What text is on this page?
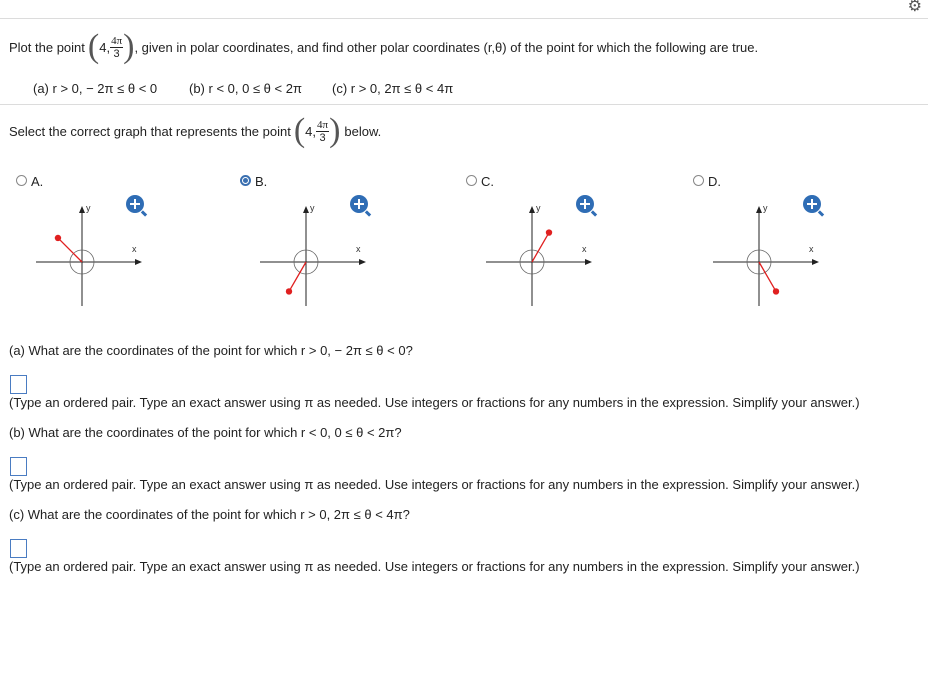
⚙
Plot the point ( 4, $\frac{4\pi}{3}$ ) , given in polar coordinates, and find other polar coordinates (r,θ) of the point for which the following are true.
(a) r > 0, − 2π ≤ θ < 0 (b) r < 0, 0 ≤ θ < 2π (c) r > 0, 2π ≤ θ < 4π
Select the correct graph that represents the point ( 4, $\frac{4\pi}{3}$ ) below.
A.
y
x
B.
y
x
C.
y
x
D.
y
x
(a) What are the coordinates of the point for which r > 0, − 2π ≤ θ < 0?
(Type an ordered pair. Type an exact answer using π as needed. Use integers or fractions for any numbers in the expression. Simplify your answer.)
(b) What are the coordinates of the point for which r < 0, 0 ≤ θ < 2π?
(Type an ordered pair. Type an exact answer using π as needed. Use integers or fractions for any numbers in the expression. Simplify your answer.)
(c) What are the coordinates of the point for which r > 0, 2π ≤ θ < 4π?
(Type an ordered pair. Type an exact answer using π as needed. Use integers or fractions for any numbers in the expression. Simplify your answer.)
